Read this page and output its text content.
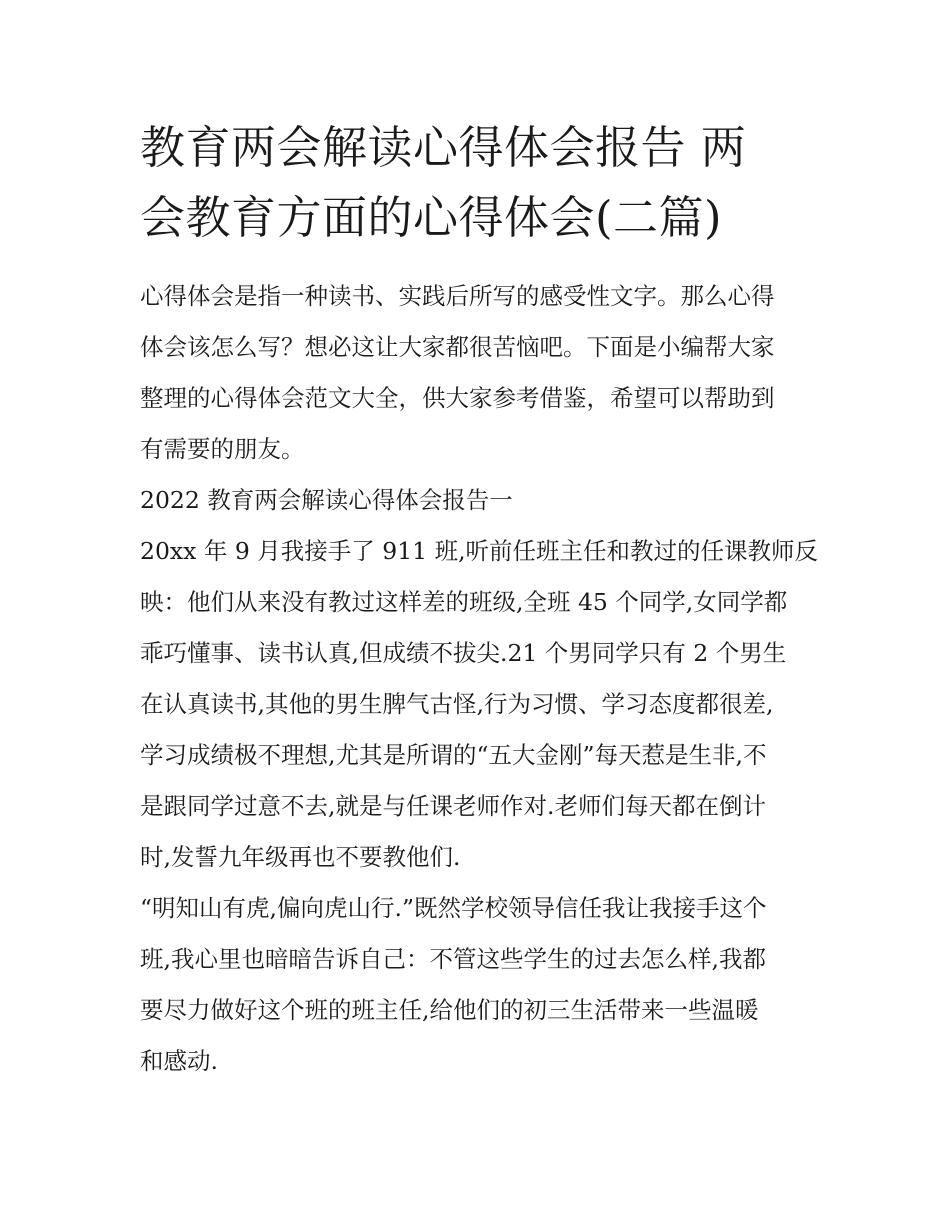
教育两会解读心得体会报告 两
会教育方面的心得体会(二篇)

心得体会是指一种读书、实践后所写的感受性文字。那么心得
体会该怎么写？想必这让大家都很苦恼吧。下面是小编帮大家
整理的心得体会范文大全，供大家参考借鉴，希望可以帮助到
有需要的朋友。

2022 教育两会解读心得体会报告一

20xx 年 9 月我接手了 911 班,听前任班主任和教过的任课教师反
映：他们从来没有教过这样差的班级,全班 45 个同学,女同学都
乖巧懂事、读书认真,但成绩不拔尖.21 个男同学只有 2 个男生
在认真读书,其他的男生脾气古怪,行为习惯、学习态度都很差,
学习成绩极不理想,尤其是所谓的“五大金刚”每天惹是生非,不
是跟同学过意不去,就是与任课老师作对.老师们每天都在倒计
时,发誓九年级再也不要教他们.

“明知山有虎,偏向虎山行.”既然学校领导信任我让我接手这个
班,我心里也暗暗告诉自己：不管这些学生的过去怎么样,我都
要尽力做好这个班的班主任,给他们的初三生活带来一些温暖
和感动.
